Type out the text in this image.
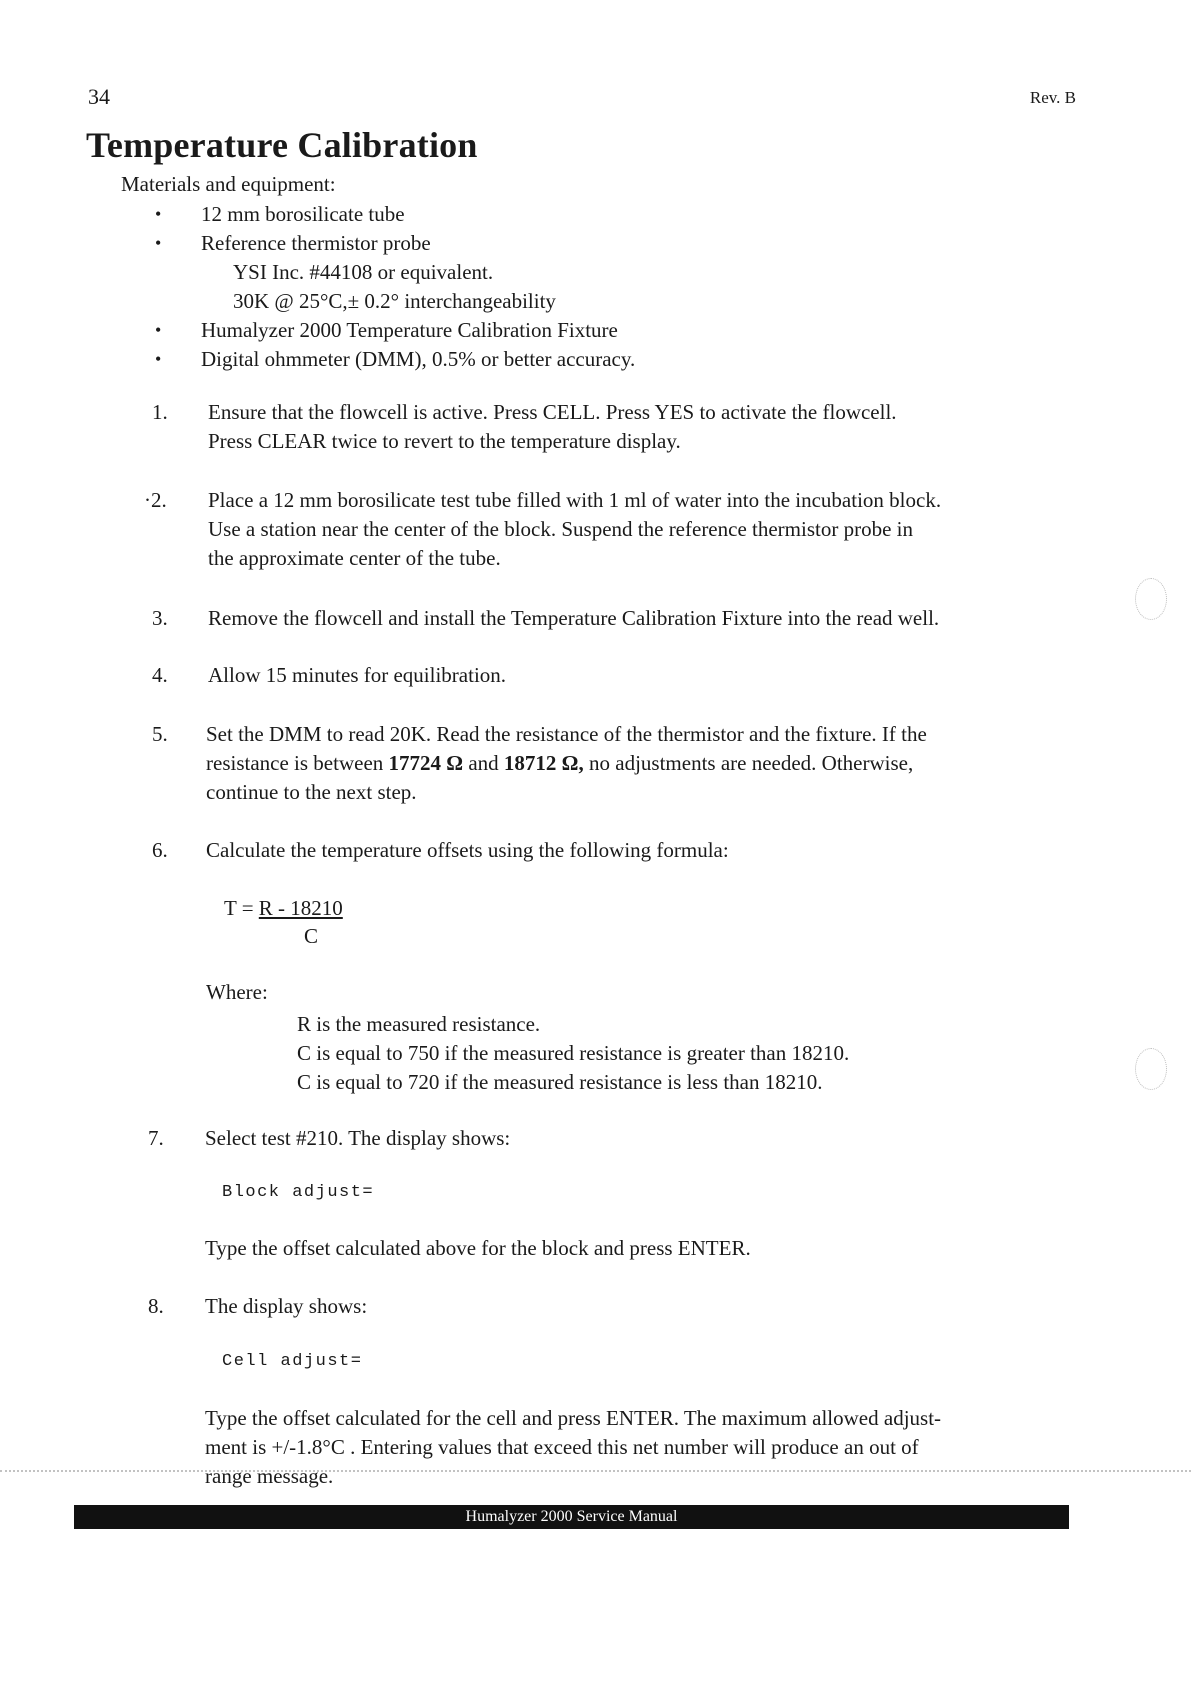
34	Rev. B
Temperature Calibration
Materials and equipment:
• 12 mm borosilicate tube
• Reference thermistor probe
YSI Inc. #44108 or equivalent.
30K @ 25°C,± 0.2° interchangeability
• Humalyzer 2000 Temperature Calibration Fixture
• Digital ohmmeter (DMM), 0.5% or better accuracy.
1.	Ensure that the flowcell is active. Press CELL. Press YES to activate the flowcell.
Press CLEAR twice to revert to the temperature display.
·2.	Place a 12 mm borosilicate test tube filled with 1 ml of water into the incubation block.
Use a station near the center of the block. Suspend the reference thermistor probe in
the approximate center of the tube.
3.	Remove the flowcell and install the Temperature Calibration Fixture into the read well.
4.	Allow 15 minutes for equilibration.
5.	Set the DMM to read 20K. Read the resistance of the thermistor and the fixture. If the
resistance is between 17724 Ω and 18712 Ω, no adjustments are needed. Otherwise,
continue to the next step.
6.	Calculate the temperature offsets using the following formula:
T = R - 18210
C
Where:
R is the measured resistance.
C is equal to 750 if the measured resistance is greater than 18210.
C is equal to 720 if the measured resistance is less than 18210.
7.	Select test #210. The display shows:
Block adjust=
Type the offset calculated above for the block and press ENTER.
8.	The display shows:
Cell adjust=
Type the offset calculated for the cell and press ENTER. The maximum allowed adjust-
ment is +/-1.8°C . Entering values that exceed this net number will produce an out of
range message.
Humalyzer 2000 Service Manual
